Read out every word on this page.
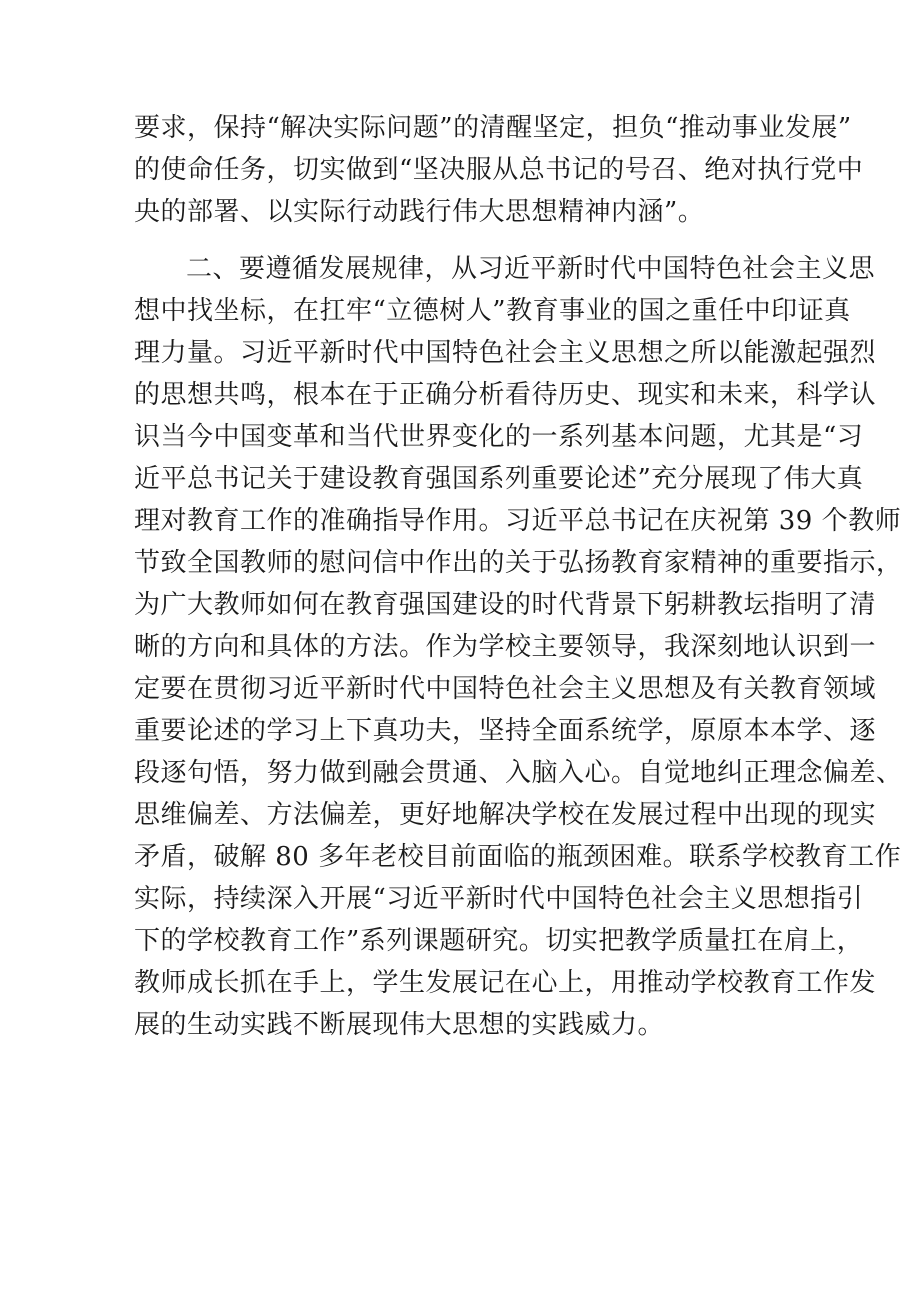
要求，保持“解决实际问题”的清醒坚定，担负“推动事业发展”
的使命任务，切实做到“坚决服从总书记的号召、绝对执行党中
央的部署、以实际行动践行伟大思想精神内涵”。
二、要遵循发展规律，从习近平新时代中国特色社会主义思
想中找坐标，在扛牢“立德树人”教育事业的国之重任中印证真
理力量。习近平新时代中国特色社会主义思想之所以能激起强烈
的思想共鸣，根本在于正确分析看待历史、现实和未来，科学认
识当今中国变革和当代世界变化的一系列基本问题，尤其是“习
近平总书记关于建设教育强国系列重要论述”充分展现了伟大真
理对教育工作的准确指导作用。习近平总书记在庆祝第 39 个教师
节致全国教师的慰问信中作出的关于弘扬教育家精神的重要指示，
为广大教师如何在教育强国建设的时代背景下躬耕教坛指明了清
晰的方向和具体的方法。作为学校主要领导，我深刻地认识到一
定要在贯彻习近平新时代中国特色社会主义思想及有关教育领域
重要论述的学习上下真功夫，坚持全面系统学，原原本本学、逐
段逐句悟，努力做到融会贯通、入脑入心。自觉地纠正理念偏差、
思维偏差、方法偏差，更好地解决学校在发展过程中出现的现实
矛盾，破解 80 多年老校目前面临的瓶颈困难。联系学校教育工作
实际，持续深入开展“习近平新时代中国特色社会主义思想指引
下的学校教育工作”系列课题研究。切实把教学质量扛在肩上，
教师成长抓在手上，学生发展记在心上，用推动学校教育工作发
展的生动实践不断展现伟大思想的实践威力。
